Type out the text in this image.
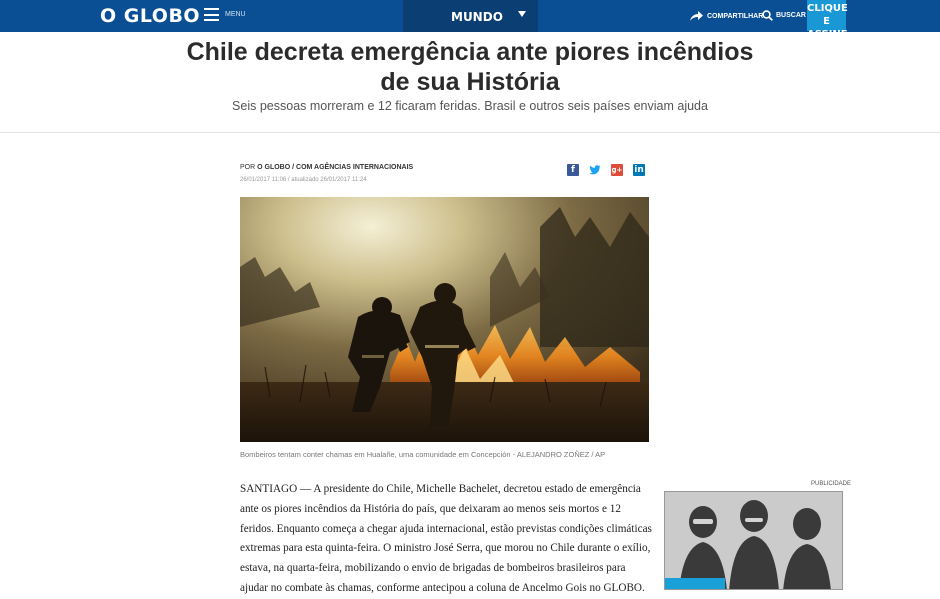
O GLOBO	MENU	MUNDO	COMPARTILHAR BUSCAR
CLIQUE E
ASSINE
Chile decreta emergência ante piores incêndios de sua História

Seis pessoas morreram e 12 ficaram feridas. Brasil e outros seis países enviam ajuda

POR O GLOBO / COM AGÊNCIAS INTERNACIONAIS
26/01/2017 11:06 / atualizado 26/01/2017 11:24
f	g+ in
Bombeiros tentam conter chamas em Hualañe, uma comunidade em Concepción - ALEJANDRO ZOÑEZ / AP

SANTIAGO — A presidente do Chile, Michelle Bachelet, decretou estado de emergência ante os piores incêndios da História do país, que deixaram ao menos seis mortos e 12 feridos. Enquanto começa a chegar ajuda internacional, estão previstas condições climáticas extremas para esta quinta-feira. O ministro José Serra, que morou no Chile durante o exílio, estava, na quarta-feira, mobilizando o envio de brigadas de bombeiros brasileiros para ajudar no combate às chamas, conforme antecipou a coluna de Ancelmo Gois no GLOBO.

PUBLICIDADE
